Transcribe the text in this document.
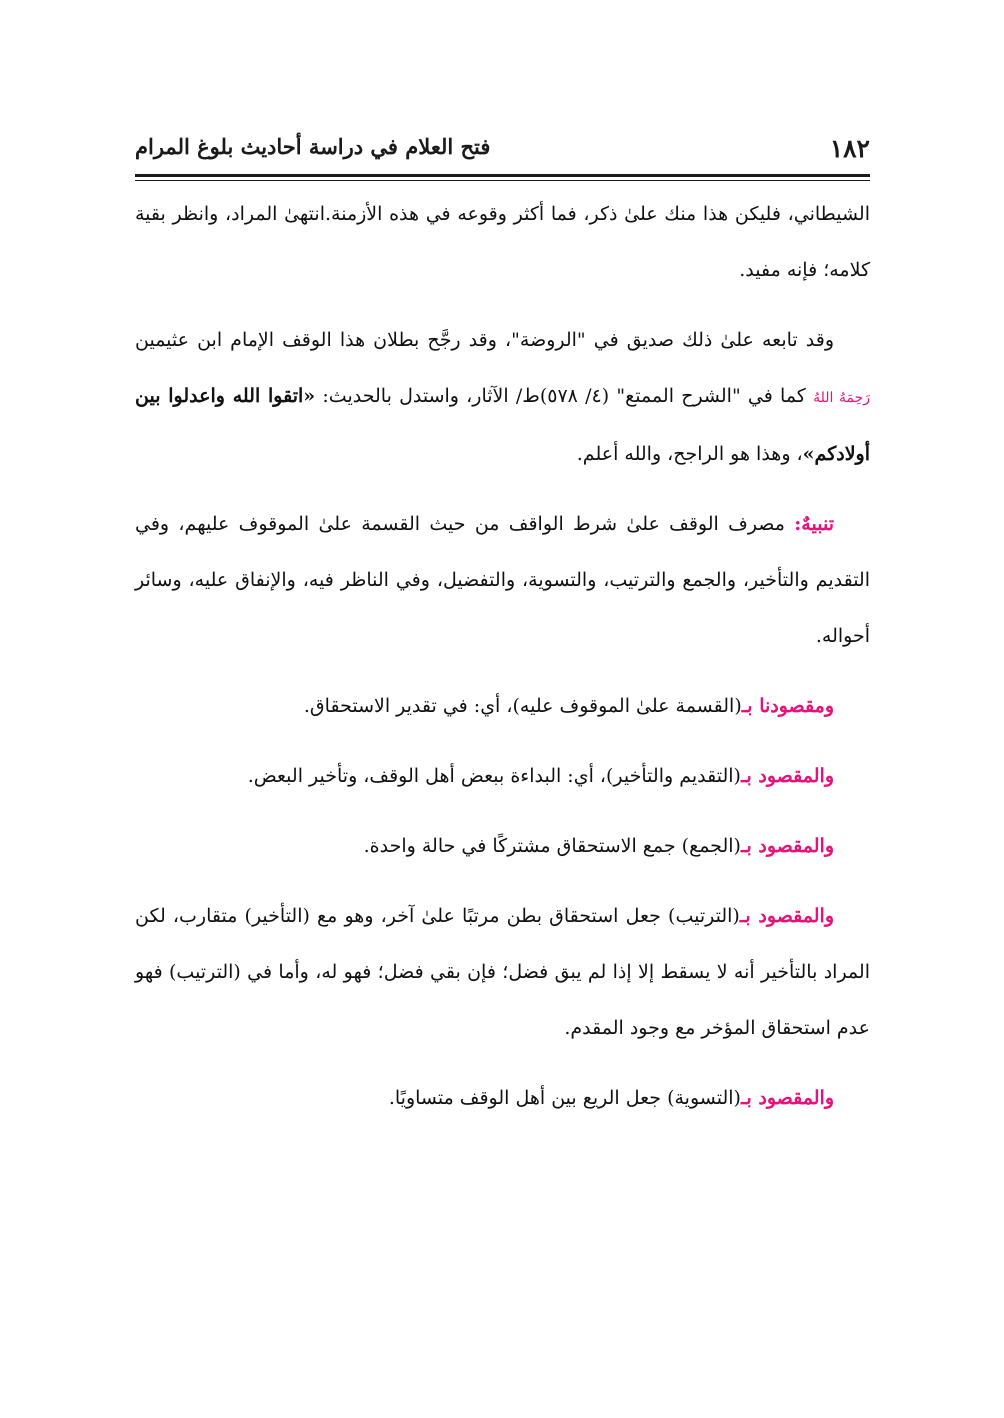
١٨٢
فتح العلام في دراسة أحاديث بلوغ المرام

الشيطاني، فليكن هذا منك علىٰ ذكر، فما أكثر وقوعه في هذه الأزمنة.انتهىٰ المراد، وانظر بقية كلامه؛ فإنه مفيد.

وقد تابعه علىٰ ذلك صديق في "الروضة"، وقد رجَّح بطلان هذا الوقف الإمام ابن عثيمين رَحِمَهُ اللهُ كما في "الشرح الممتع" (٤/ ٥٧٨)ط/ الآثار، واستدل بالحديث: «اتقوا الله واعدلوا بين أولادكم»، وهذا هو الراجح، والله أعلم.

تنبيهٌ: مصرف الوقف علىٰ شرط الواقف من حيث القسمة علىٰ الموقوف عليهم، وفي التقديم والتأخير، والجمع والترتيب، والتسوية، والتفضيل، وفي الناظر فيه، والإنفاق عليه، وسائر أحواله.

ومقصودنا بـ(القسمة علىٰ الموقوف عليه)، أي: في تقدير الاستحقاق.

والمقصود بـ(التقديم والتأخير)، أي: البداءة ببعض أهل الوقف، وتأخير البعض.

والمقصود بـ(الجمع) جمع الاستحقاق مشتركًا في حالة واحدة.

والمقصود بـ(الترتيب) جعل استحقاق بطن مرتبًا علىٰ آخر، وهو مع (التأخير) متقارب، لكن المراد بالتأخير أنه لا يسقط إلا إذا لم يبق فضل؛ فإن بقي فضل؛ فهو له، وأما في (الترتيب) فهو عدم استحقاق المؤخر مع وجود المقدم.

والمقصود بـ(التسوية) جعل الريع بين أهل الوقف متساويًا.
